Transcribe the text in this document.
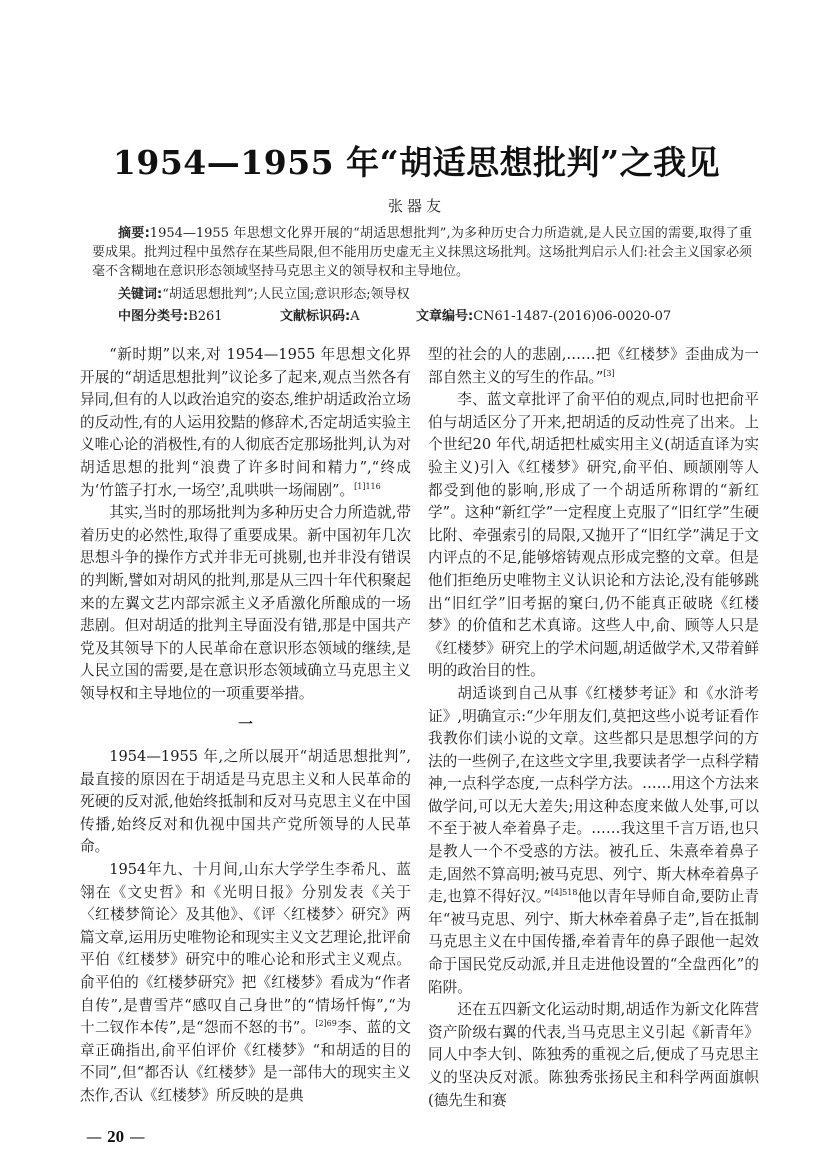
1954—1955 年“胡适思想批判”之我见
张器友
摘要:1954—1955 年思想文化界开展的“胡适思想批判”,为多种历史合力所造就,是人民立国的需要,取得了重要成果。批判过程中虽然存在某些局限,但不能用历史虚无主义抹黑这场批判。这场批判启示人们:社会主义国家必须毫不含糊地在意识形态领域坚持马克思主义的领导权和主导地位。
关键词:“胡适思想批判”;人民立国;意识形态;领导权
中图分类号:B261	文献标识码:A	文章编号:CN61-1487-(2016)06-0020-07

“新时期”以来,对 1954—1955 年思想文化界开展的“胡适思想批判”议论多了起来,观点当然各有异同,但有的人以政治追究的姿态,维护胡适政治立场的反动性,有的人运用狡黠的修辞术,否定胡适实验主义唯心论的消极性,有的人彻底否定那场批判,认为对胡适思想的批判“浪费了许多时间和精力”,“终成为‘竹篮子打水,一场空’,乱哄哄一场闹剧”。$^{[1]116}$

其实,当时的那场批判为多种历史合力所造就,带着历史的必然性,取得了重要成果。新中国初年几次思想斗争的操作方式并非无可挑剔,也并非没有错误的判断,譬如对胡风的批判,那是从三四十年代积聚起来的左翼文艺内部宗派主义矛盾激化所酿成的一场悲剧。但对胡适的批判主导面没有错,那是中国共产党及其领导下的人民革命在意识形态领域的继续,是人民立国的需要,是在意识形态领域确立马克思主义领导权和主导地位的一项重要举措。

一

1954—1955 年,之所以展开“胡适思想批判”,最直接的原因在于胡适是马克思主义和人民革命的死硬的反对派,他始终抵制和反对马克思主义在中国传播,始终反对和仇视中国共产党所领导的人民革命。

1954年九、十月间,山东大学学生李希凡、蓝翎在《文史哲》和《光明日报》分别发表《关于〈红楼梦简论〉及其他》、《评〈红楼梦〉研究》两篇文章,运用历史唯物论和现实主义文艺理论,批评俞平伯《红楼梦》研究中的唯心论和形式主义观点。俞平伯的《红楼梦研究》把《红楼梦》看成为“作者自传”,是曹雪芹“感叹自己身世”的“情场忏悔”,“为十二钗作本传”,是“怨而不怒的书”。$^{[2]69}$李、蓝的文章正确指出,俞平伯评价《红楼梦》“和胡适的目的不同”,但“都否认《红楼梦》是一部伟大的现实主义杰作,否认《红楼梦》所反映的是典

型的社会的人的悲剧,……把《红楼梦》歪曲成为一部自然主义的写生的作品。”[3]

李、蓝文章批评了俞平伯的观点,同时也把俞平伯与胡适区分了开来,把胡适的反动性亮了出来。上个世纪20 年代,胡适把杜威实用主义(胡适直译为实验主义)引入《红楼梦》研究,俞平伯、顾颉刚等人都受到他的影响,形成了一个胡适所称谓的“新红学”。这种“新红学”一定程度上克服了“旧红学”生硬比附、牵强索引的局限,又抛开了“旧红学”满足于文内评点的不足,能够熔铸观点形成完整的文章。但是他们拒绝历史唯物主义认识论和方法论,没有能够跳出“旧红学”旧考据的窠臼,仍不能真正破晓《红楼梦》的价值和艺术真谛。这些人中,俞、顾等人只是《红楼梦》研究上的学术问题,胡适做学术,又带着鲜明的政治目的性。

胡适谈到自己从事《红楼梦考证》和《水浒考证》,明确宣示:“少年朋友们,莫把这些小说考证看作我教你们读小说的文章。这些都只是思想学问的方法的一些例子,在这些文字里,我要读者学一点科学精神,一点科学态度,一点科学方法。……用这个方法来做学问,可以无大差失;用这种态度来做人处事,可以不至于被人牵着鼻子走。……我这里千言万语,也只是教人一个不受惑的方法。被孔丘、朱熹牵着鼻子走,固然不算高明;被马克思、列宁、斯大林牵着鼻子走,也算不得好汉。”$^{[4]518}$他以青年导师自命,要防止青年“被马克思、列宁、斯大林牵着鼻子走”,旨在抵制马克思主义在中国传播,牵着青年的鼻子跟他一起效命于国民党反动派,并且走进他设置的“全盘西化”的陷阱。

还在五四新文化运动时期,胡适作为新文化阵营资产阶级右翼的代表,当马克思主义引起《新青年》同人中李大钊、陈独秀的重视之后,便成了马克思主义的坚决反对派。陈独秀张扬民主和科学两面旗帜(德先生和赛

— 20 —
